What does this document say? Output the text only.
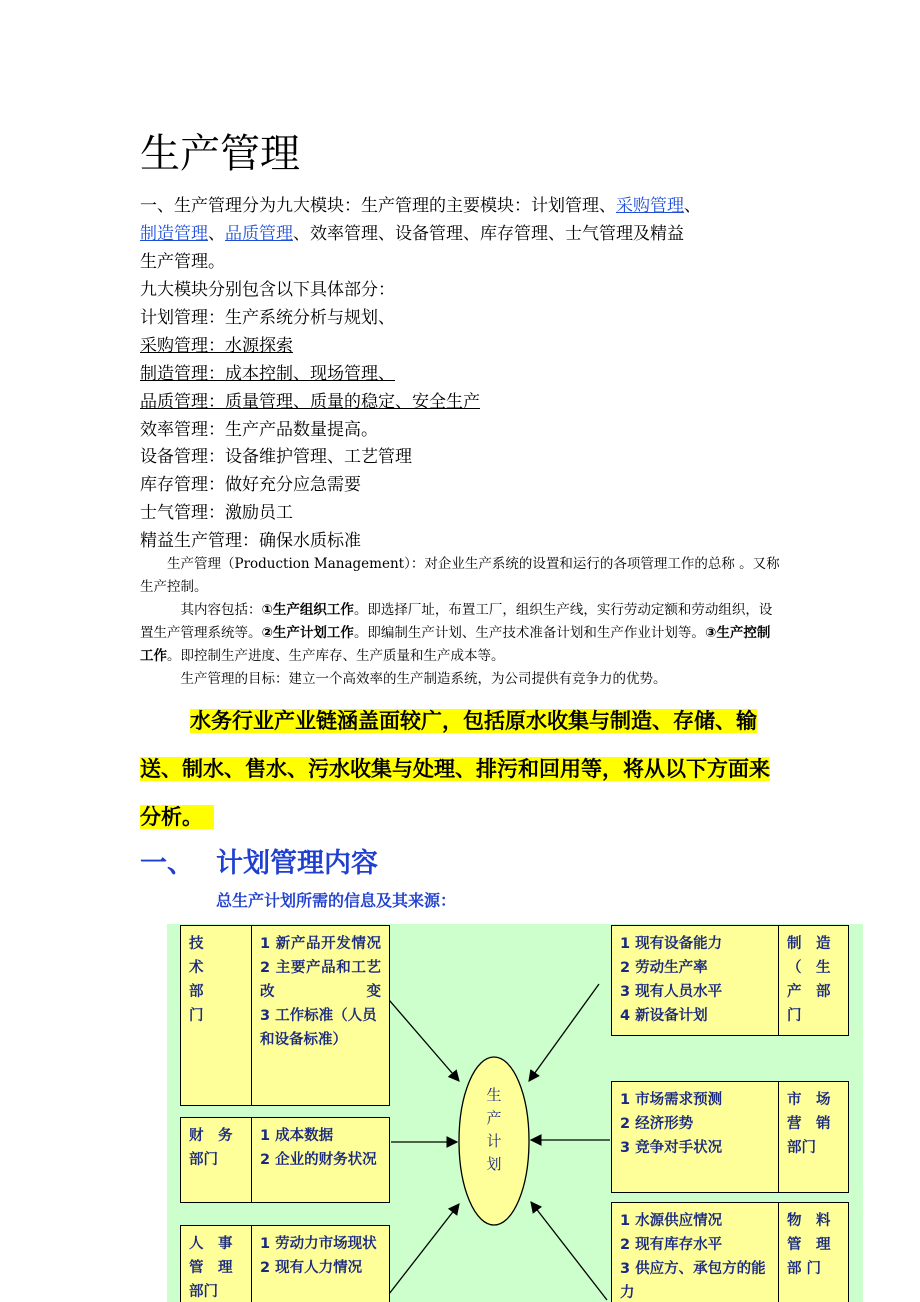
生产管理
一、生产管理分为九大模块：生产管理的主要模块：计划管理、采购管理、
制造管理、品质管理、效率管理、设备管理、库存管理、士气管理及精益
生产管理。
九大模块分别包含以下具体部分：
计划管理：生产系统分析与规划、
采购管理：水源探索
制造管理：成本控制、现场管理、
品质管理：质量管理、质量的稳定、安全生产
效率管理：生产产品数量提高。
设备管理：设备维护管理、工艺管理
库存管理：做好充分应急需要
士气管理：激励员工
精益生产管理：确保水质标准

生产管理（Production Management）：对企业生产系统的设置和运行的各项管理工作的总称 。又称生产控制。

其内容包括：①生产组织工作。即选择厂址，布置工厂，组织生产线，实行劳动定额和劳动组织，设置生产管理系统等。②生产计划工作。即编制生产计划、生产技术准备计划和生产作业计划等。③生产控制工作。即控制生产进度、生产库存、生产质量和生产成本等。

生产管理的目标：建立一个高效率的生产制造系统，为公司提供有竞争力的优势。

水务行业产业链涵盖面较广，包括原水收集与制造、存储、输
送、制水、售水、污水收集与处理、排污和回用等，将从以下方面来
分析。　
一、 计划管理内容
总生产计划所需的信息及其来源：
生
产
计
划
技
术
部
门
1 新产品开发情况
2 主要产品和工艺改变
3 工作标准（人员和设备标准）
财　务
部门
1 成本数据
2 企业的财务状况
人　事
管　理
部门
1 劳动力市场现状
2 现有人力情况
1 现有设备能力
2 劳动生产率
3 现有人员水平
4 新设备计划
制　造
（　生
产　部
门
1 市场需求预测
2 经济形势
3 竞争对手状况
市　场
营　销
部门
1 水源供应情况
2 现有库存水平
3 供应方、承包方的能力
物　料
管　理
部 门
